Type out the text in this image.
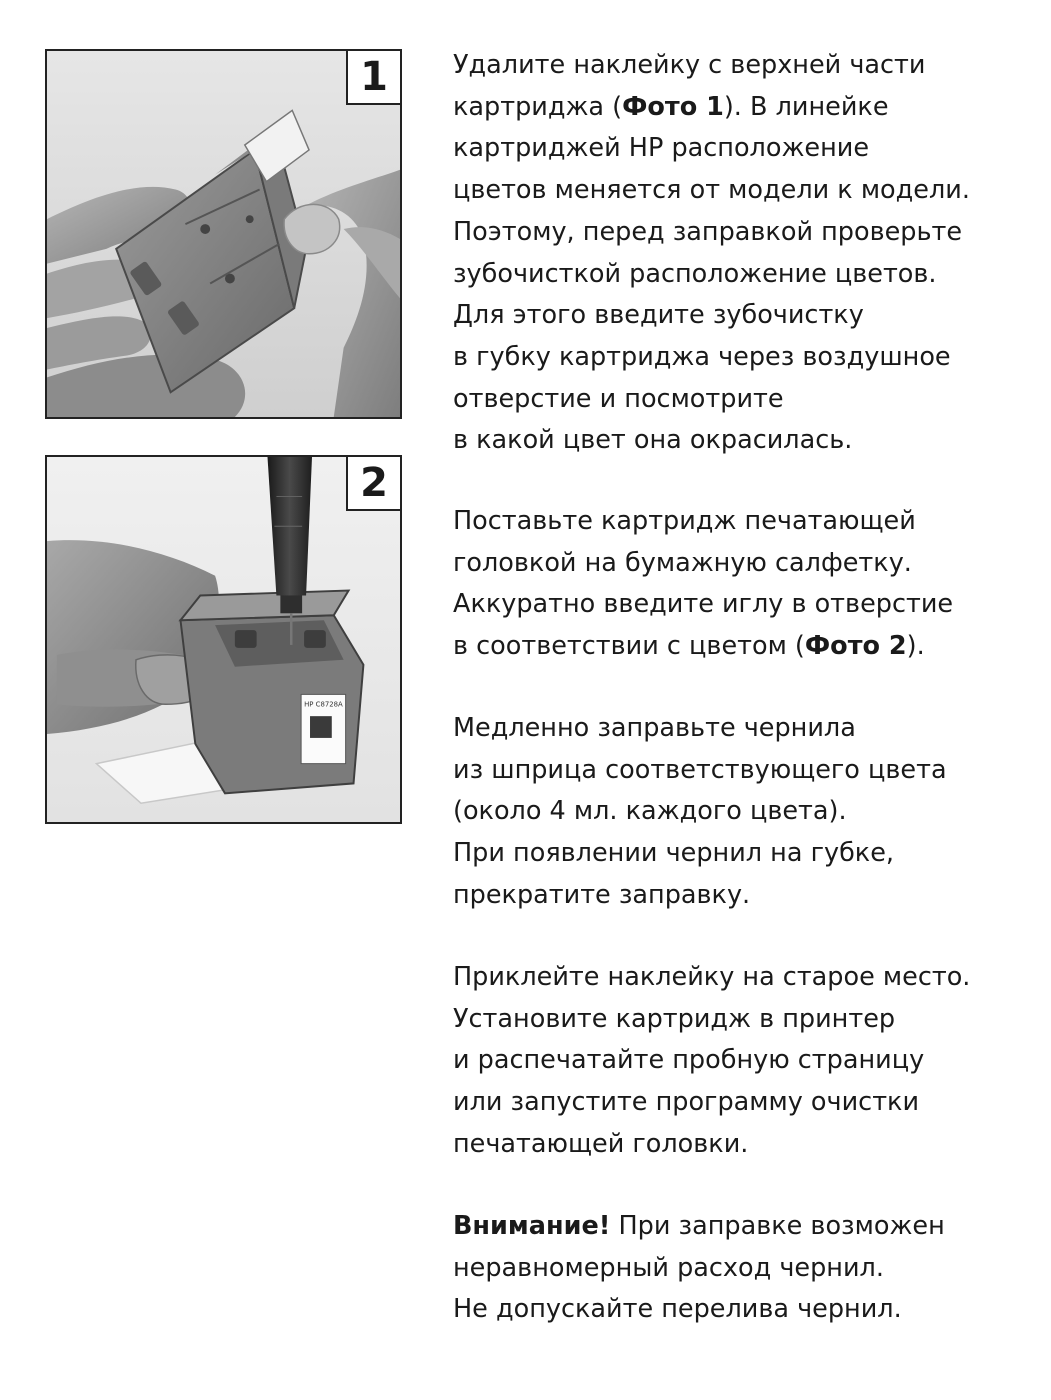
1
HP C8728A
2

Удалите наклейку с верхней части

картриджа (Фото 1). В линейке

картриджей HP расположение

цветов меняется от модели к модели.

Поэтому, перед заправкой проверьте

зубочисткой расположение цветов.

Для этого введите зубочистку

в губку картриджа через воздушное

отверстие и посмотрите

в какой цвет она окрасилась.

Поставьте картридж печатающей

головкой на бумажную салфетку.

Аккуратно введите иглу в отверстие

в соответствии с цветом (Фото 2).

Медленно заправьте чернила

из шприца соответствующего цвета

(около 4 мл. каждого цвета).

При появлении чернил на губке,

прекратите заправку.

Приклейте наклейку на старое место.

Установите картридж в принтер

и распечатайте пробную страницу

или запустите программу очистки

печатающей головки.

Внимание! При заправке возможен

неравномерный расход чернил.

Не допускайте перелива чернил.
